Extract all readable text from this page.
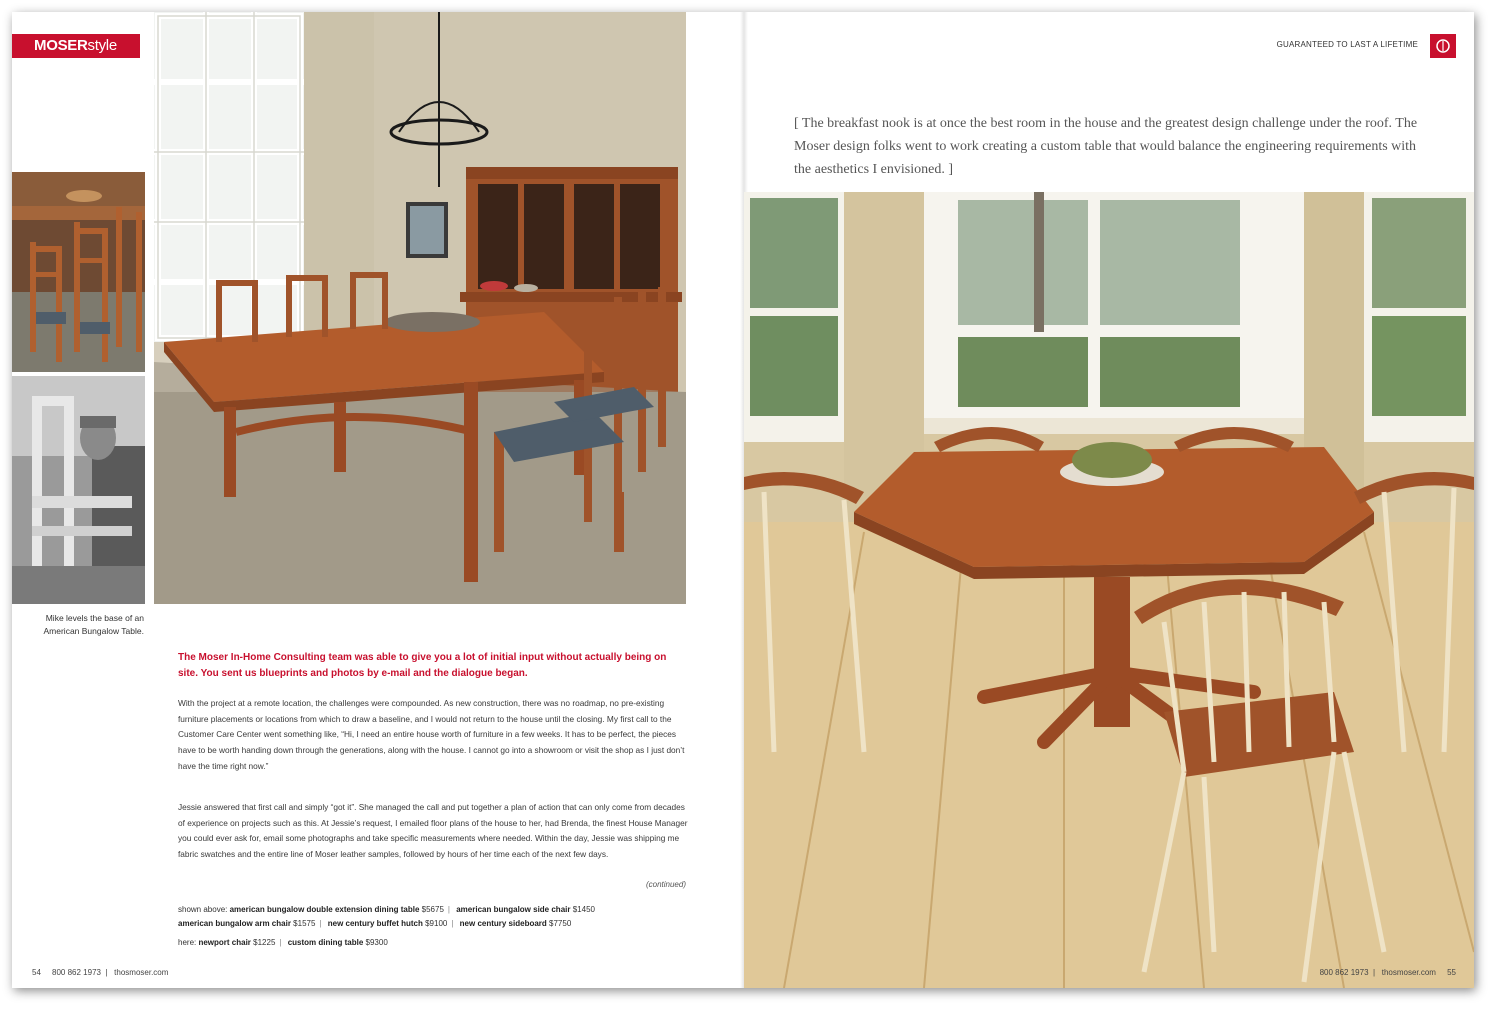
MOSERstyle
Mike levels the base of an American Bungalow Table.

The Moser In-Home Consulting team was able to give you a lot of initial input without actually being on site. You sent us blueprints and photos by e-mail and the dialogue began.

With the project at a remote location, the challenges were compounded. As new construction, there was no roadmap, no pre-existing furniture placements or locations from which to draw a baseline, and I would not return to the house until the closing. My first call to the Customer Care Center went something like, “Hi, I need an entire house worth of furniture in a few weeks. It has to be perfect, the pieces have to be worth handing down through the generations, along with the house. I cannot go into a showroom or visit the shop as I just don’t have the time right now.”

Jessie answered that first call and simply “got it”. She managed the call and put together a plan of action that can only come from decades of experience on projects such as this. At Jessie’s request, I emailed floor plans of the house to her, had Brenda, the finest House Manager you could ever ask for, email some photographs and take specific measurements where needed. Within the day, Jessie was shipping me fabric swatches and the entire line of Moser leather samples, followed by hours of her time each of the next few days.

(continued)

shown above: american bungalow double extension dining table $5675 | american bungalow side chair $1450

american bungalow arm chair $1575 | new century buffet hutch $9100 | new century sideboard $7750

here: newport chair $1225 | custom dining table $9300

54 800 862 1973  |   thosmoser.com
GUARANTEED TO LAST A LIFETIME

[ The breakfast nook is at once the best room in the house and the greatest design challenge under the roof. The Moser design folks went to work creating a custom table that would balance the engineering requirements with the aesthetics I envisioned. ]

800 862 1973  |   thosmoser.com 55
